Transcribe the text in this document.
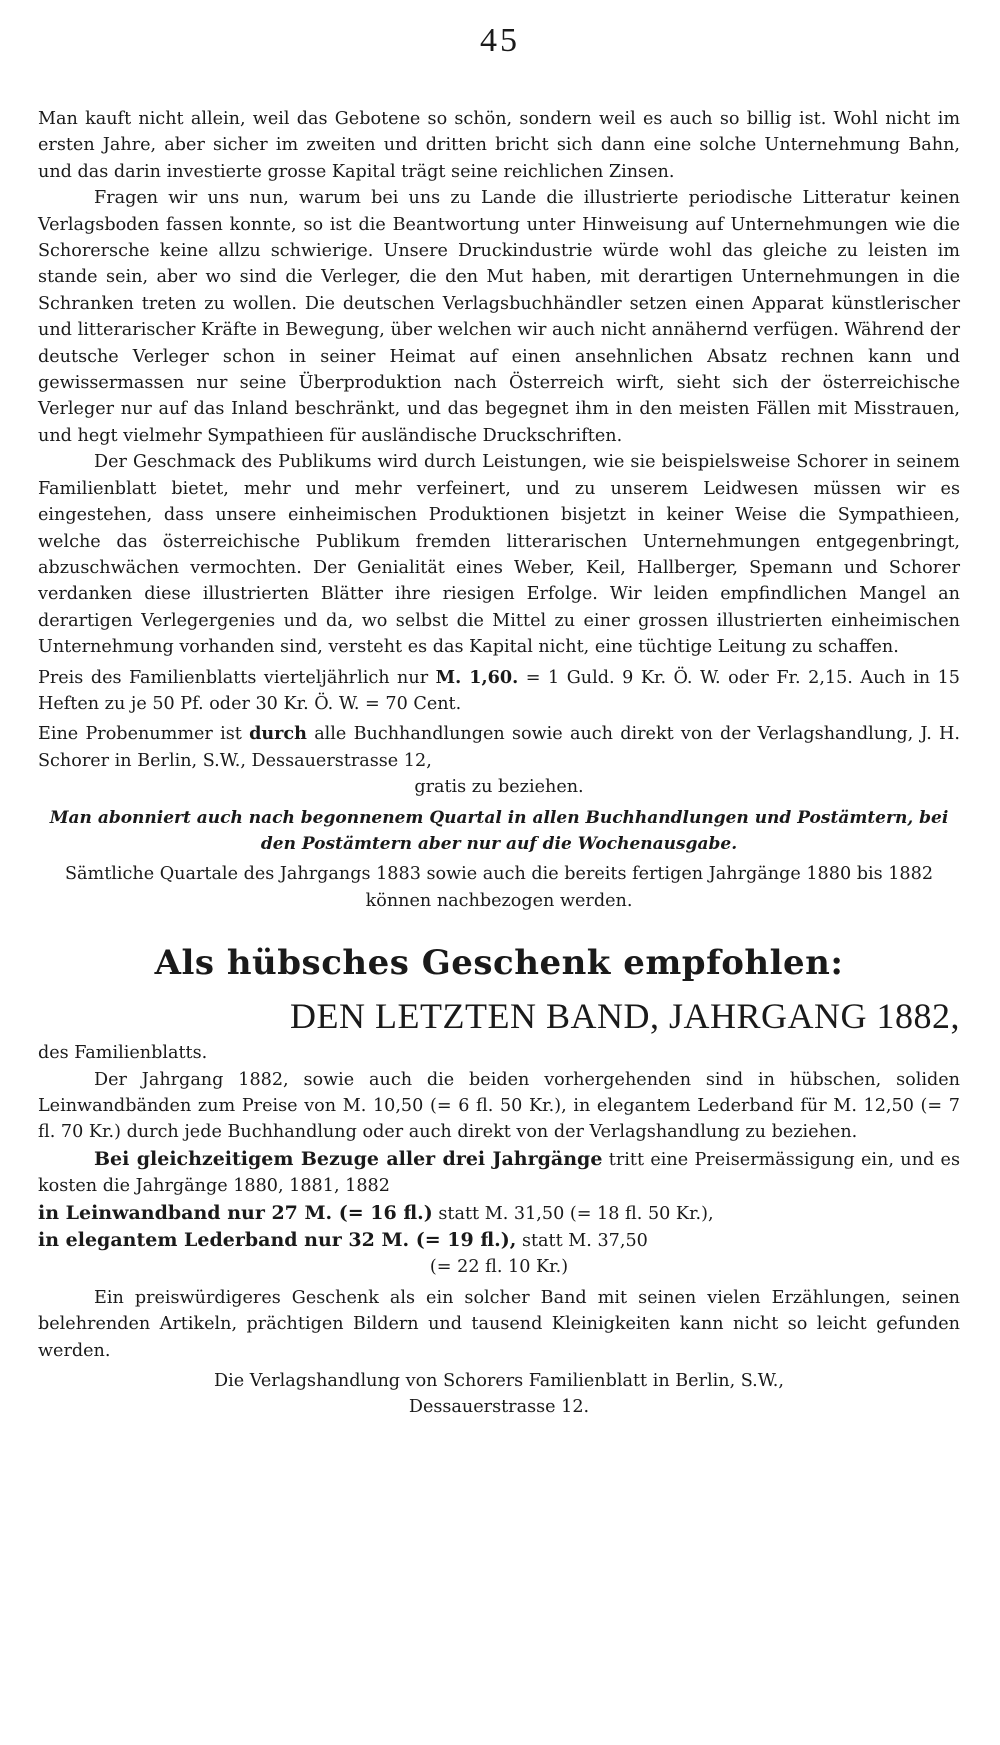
45

Man kauft nicht allein, weil das Gebotene so schön, sondern weil es auch so billig ist. Wohl nicht im ersten Jahre, aber sicher im zweiten und dritten bricht sich dann eine solche Unternehmung Bahn, und das darin investierte grosse Kapital trägt seine reichlichen Zinsen.

Fragen wir uns nun, warum bei uns zu Lande die illustrierte periodische Litteratur keinen Verlagsboden fassen konnte, so ist die Beantwortung unter Hinweisung auf Unternehmungen wie die Schorersche keine allzu schwierige. Unsere Druckindustrie würde wohl das gleiche zu leisten im stande sein, aber wo sind die Verleger, die den Mut haben, mit derartigen Unternehmungen in die Schranken treten zu wollen. Die deutschen Verlagsbuchhändler setzen einen Apparat künstlerischer und litterarischer Kräfte in Bewegung, über welchen wir auch nicht annähernd verfügen. Während der deutsche Verleger schon in seiner Heimat auf einen ansehnlichen Absatz rechnen kann und gewissermassen nur seine Überproduktion nach Österreich wirft, sieht sich der österreichische Verleger nur auf das Inland beschränkt, und das begegnet ihm in den meisten Fällen mit Misstrauen, und hegt vielmehr Sympathieen für ausländische Druckschriften.

Der Geschmack des Publikums wird durch Leistungen, wie sie beispielsweise Schorer in seinem Familienblatt bietet, mehr und mehr verfeinert, und zu unserem Leidwesen müssen wir es eingestehen, dass unsere einheimischen Produktionen bisjetzt in keiner Weise die Sympathieen, welche das österreichische Publikum fremden litterarischen Unternehmungen entgegenbringt, abzuschwächen vermochten. Der Genialität eines Weber, Keil, Hallberger, Spemann und Schorer verdanken diese illustrierten Blätter ihre riesigen Erfolge. Wir leiden empfindlichen Mangel an derartigen Verlegergenies und da, wo selbst die Mittel zu einer grossen illustrierten einheimischen Unternehmung vorhanden sind, versteht es das Kapital nicht, eine tüchtige Leitung zu schaffen.

Preis des Familienblatts vierteljährlich nur M. 1,60. = 1 Guld. 9 Kr. Ö. W. oder Fr. 2,15. Auch in 15 Heften zu je 50 Pf. oder 30 Kr. Ö. W. = 70 Cent.

Eine Probenummer ist durch alle Buchhandlungen sowie auch direkt von der Verlagshandlung, J. H. Schorer in Berlin, S.W., Dessauerstrasse 12,

gratis zu beziehen.

Man abonniert auch nach begonnenem Quartal in allen Buchhandlungen und Postämtern, bei den Postämtern aber nur auf die Wochenausgabe.

Sämtliche Quartale des Jahrgangs 1883 sowie auch die bereits fertigen Jahrgänge 1880 bis 1882 können nachbezogen werden.

Als hübsches Geschenk empfohlen:

DEN LETZTEN BAND, JAHRGANG 1882,

des Familienblatts.

Der Jahrgang 1882, sowie auch die beiden vorhergehenden sind in hübschen, soliden Leinwandbänden zum Preise von M. 10,50 (= 6 fl. 50 Kr.), in elegantem Lederband für M. 12,50 (= 7 fl. 70 Kr.) durch jede Buchhandlung oder auch direkt von der Verlagshandlung zu beziehen.

Bei gleichzeitigem Bezuge aller drei Jahrgänge tritt eine Preisermässigung ein, und es kosten die Jahrgänge 1880, 1881, 1882

in Leinwandband nur 27 M. (= 16 fl.) statt M. 31,50 (= 18 fl. 50 Kr.),

in elegantem Lederband nur 32 M. (= 19 fl.), statt M. 37,50

(= 22 fl. 10 Kr.)

Ein preiswürdigeres Geschenk als ein solcher Band mit seinen vielen Erzählungen, seinen belehrenden Artikeln, prächtigen Bildern und tausend Kleinigkeiten kann nicht so leicht gefunden werden.

Die Verlagshandlung von Schorers Familienblatt in Berlin, S.W.,

Dessauerstrasse 12.
